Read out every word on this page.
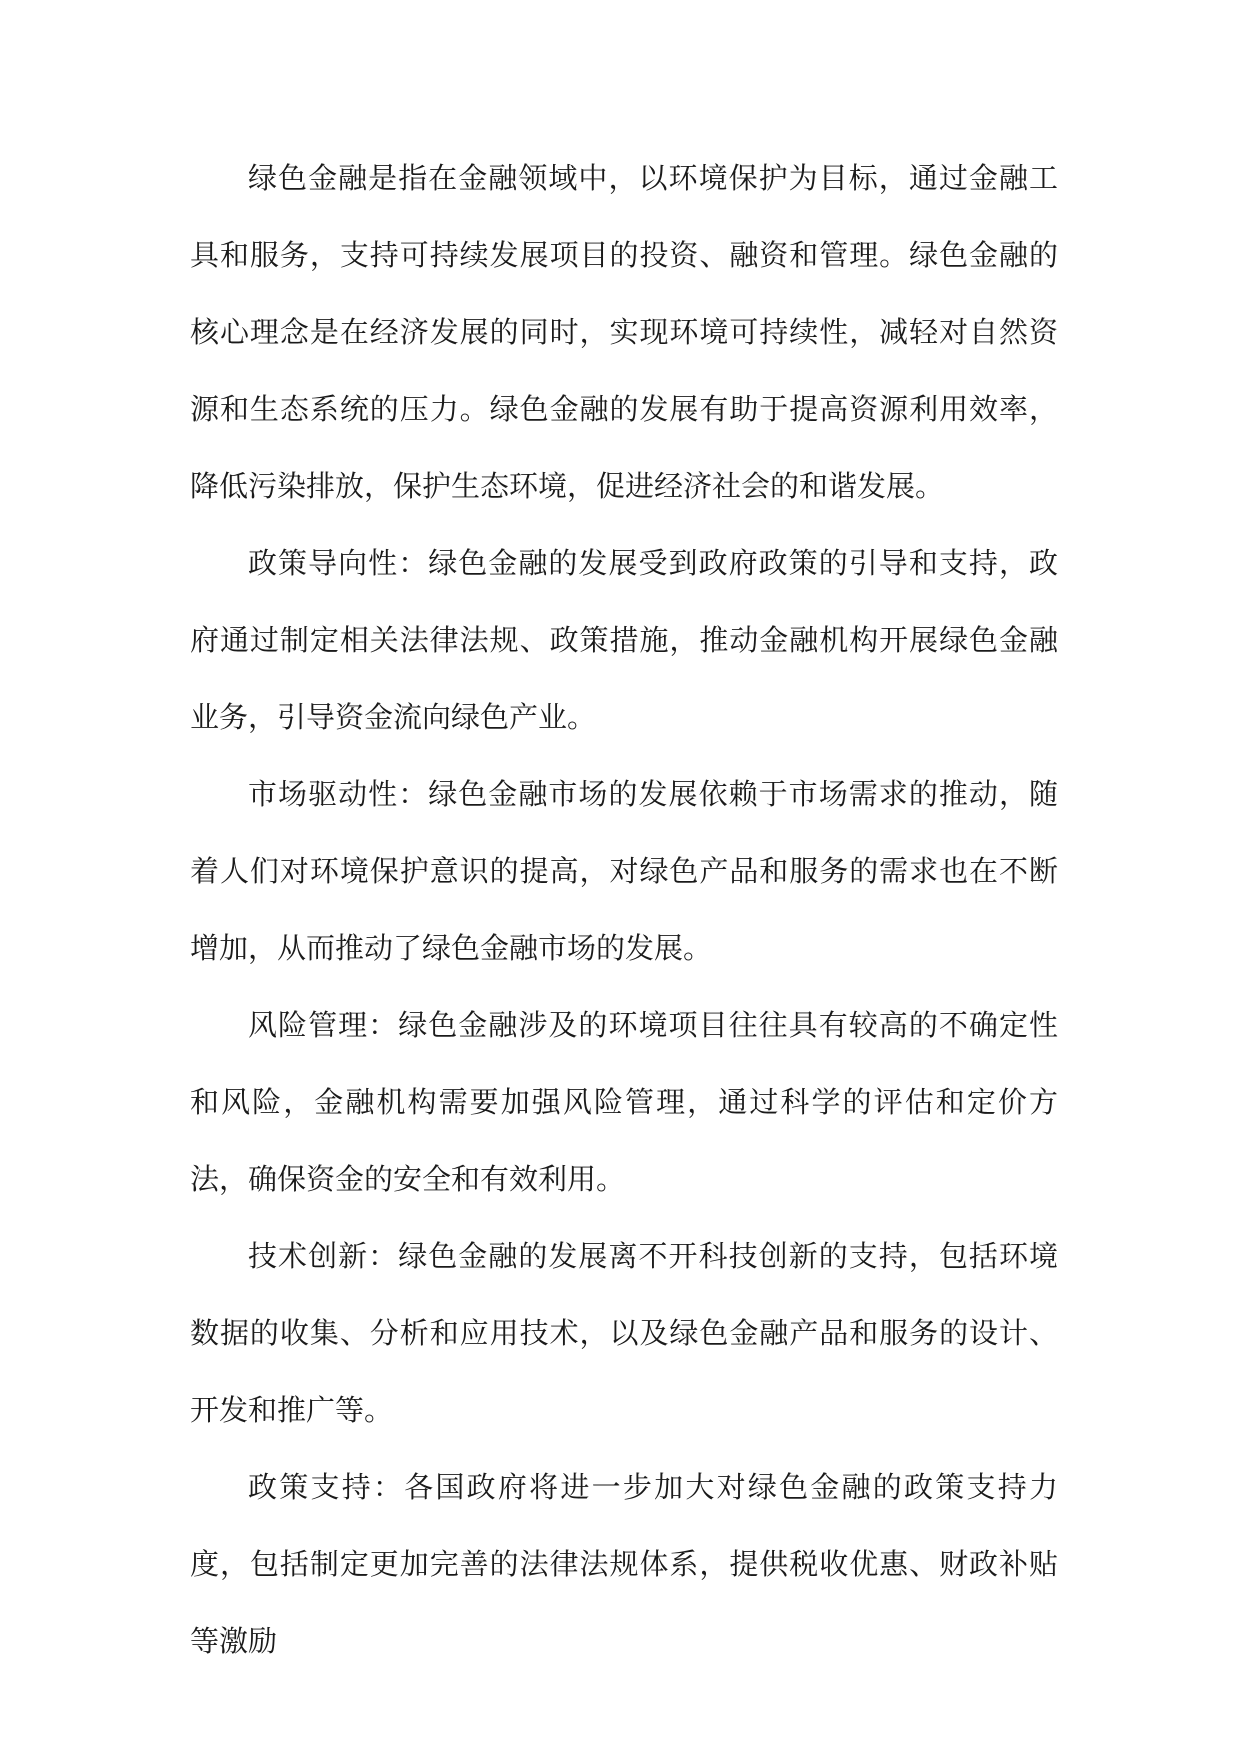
绿色金融是指在金融领域中，以环境保护为目标，通过金融工具和服务，支持可持续发展项目的投资、融资和管理。绿色金融的核心理念是在经济发展的同时，实现环境可持续性，减轻对自然资源和生态系统的压力。绿色金融的发展有助于提高资源利用效率，降低污染排放，保护生态环境，促进经济社会的和谐发展。

政策导向性：绿色金融的发展受到政府政策的引导和支持，政府通过制定相关法律法规、政策措施，推动金融机构开展绿色金融业务，引导资金流向绿色产业。

市场驱动性：绿色金融市场的发展依赖于市场需求的推动，随着人们对环境保护意识的提高，对绿色产品和服务的需求也在不断增加，从而推动了绿色金融市场的发展。

风险管理：绿色金融涉及的环境项目往往具有较高的不确定性和风险，金融机构需要加强风险管理，通过科学的评估和定价方法，确保资金的安全和有效利用。

技术创新：绿色金融的发展离不开科技创新的支持，包括环境数据的收集、分析和应用技术，以及绿色金融产品和服务的设计、开发和推广等。

政策支持：各国政府将进一步加大对绿色金融的政策支持力度，包括制定更加完善的法律法规体系，提供税收优惠、财政补贴等激励
